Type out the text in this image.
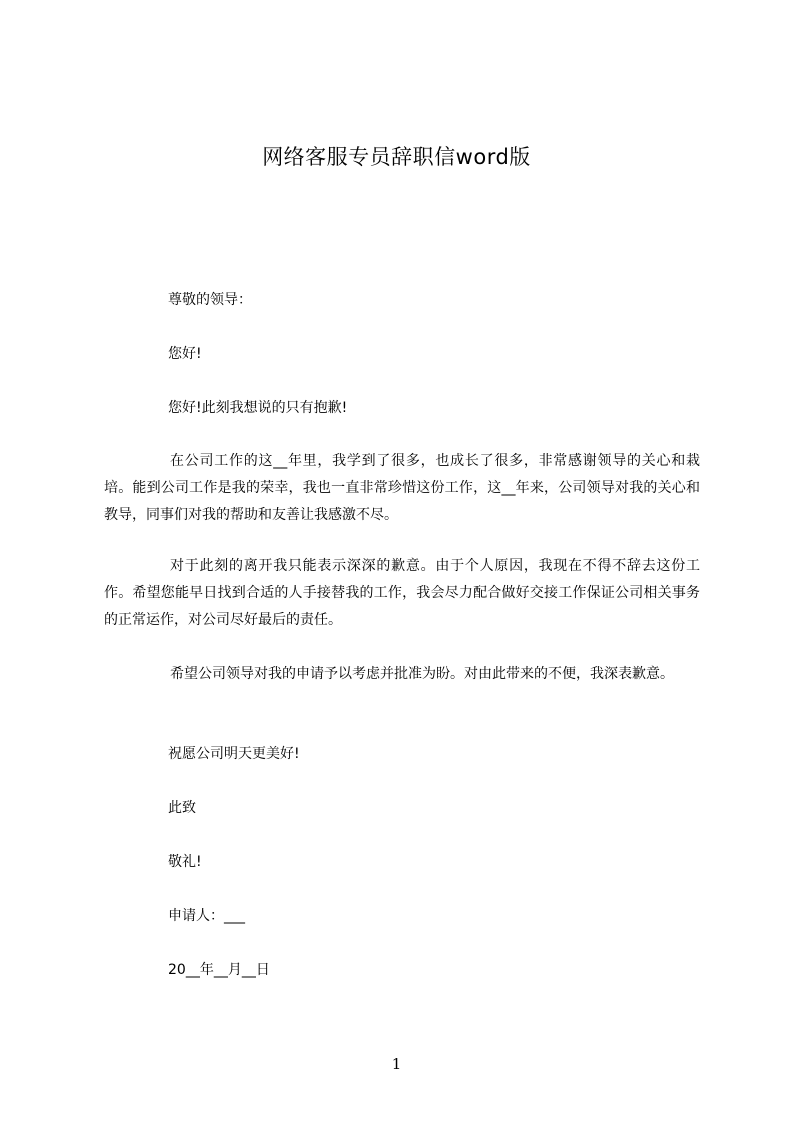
网络客服专员辞职信word版
尊敬的领导：
您好!
您好!此刻我想说的只有抱歉!
在公司工作的这__年里，我学到了很多，也成长了很多，非常感谢领导的关心和栽培。能到公司工作是我的荣幸，我也一直非常珍惜这份工作，这__年来，公司领导对我的关心和教导，同事们对我的帮助和友善让我感激不尽。
对于此刻的离开我只能表示深深的歉意。由于个人原因，我现在不得不辞去这份工作。希望您能早日找到合适的人手接替我的工作，我会尽力配合做好交接工作保证公司相关事务的正常运作，对公司尽好最后的责任。
希望公司领导对我的申请予以考虑并批准为盼。对由此带来的不便，我深表歉意。
祝愿公司明天更美好!
此致
敬礼!
申请人：___
20__年__月__日
1
